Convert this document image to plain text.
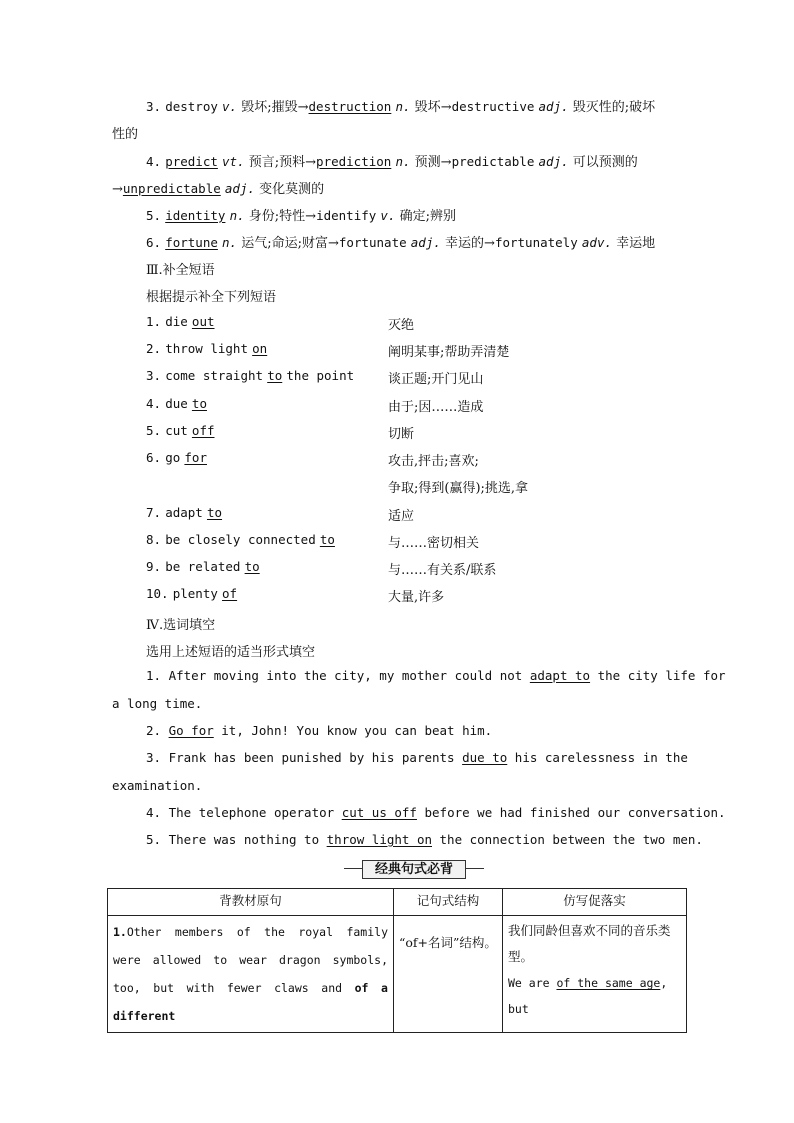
3. destroy v. 毁坏;摧毁→destruction n. 毁坏→destructive adj. 毁灭性的;破坏
性的
4. predict vt. 预言;预料→prediction n. 预测→predictable adj. 可以预测的
→unpredictable adj. 变化莫测的
5. identity n. 身份;特性→identify v. 确定;辨别
6. fortune n. 运气;命运;财富→fortunate adj. 幸运的→fortunately adv. 幸运地
Ⅲ.补全短语
根据提示补全下列短语
1. die out	灭绝
2. throw light on	阐明某事;帮助弄清楚
3. come straight to the point	谈正题;开门见山
4. due to	由于;因……造成
5. cut off	切断
6. go for	攻击,抨击;喜欢;
争取;得到(赢得);挑选,拿
7. adapt to	适应
8. be closely connected to	与……密切相关
9. be related to	与……有关系/联系
10. plenty of	大量,许多
Ⅳ.选词填空
选用上述短语的适当形式填空
1. After moving into the city, my mother could not adapt to the city life for
a long time.
2. Go for it, John! You know you can beat him.
3. Frank has been punished by his parents due to his carelessness in the
examination.
4. The telephone operator cut us off before we had finished our conversation.
5. There was nothing to throw light on the connection between the two men.
经典句式必背
背教材原句	记句式结构	仿写促落实

1.Other members of the royal family were allowed to wear dragon symbols, too, but with fewer claws and of a different	“of+名词”结构。	我们同龄但喜欢不同的音乐类型。

We are of the same age, but
